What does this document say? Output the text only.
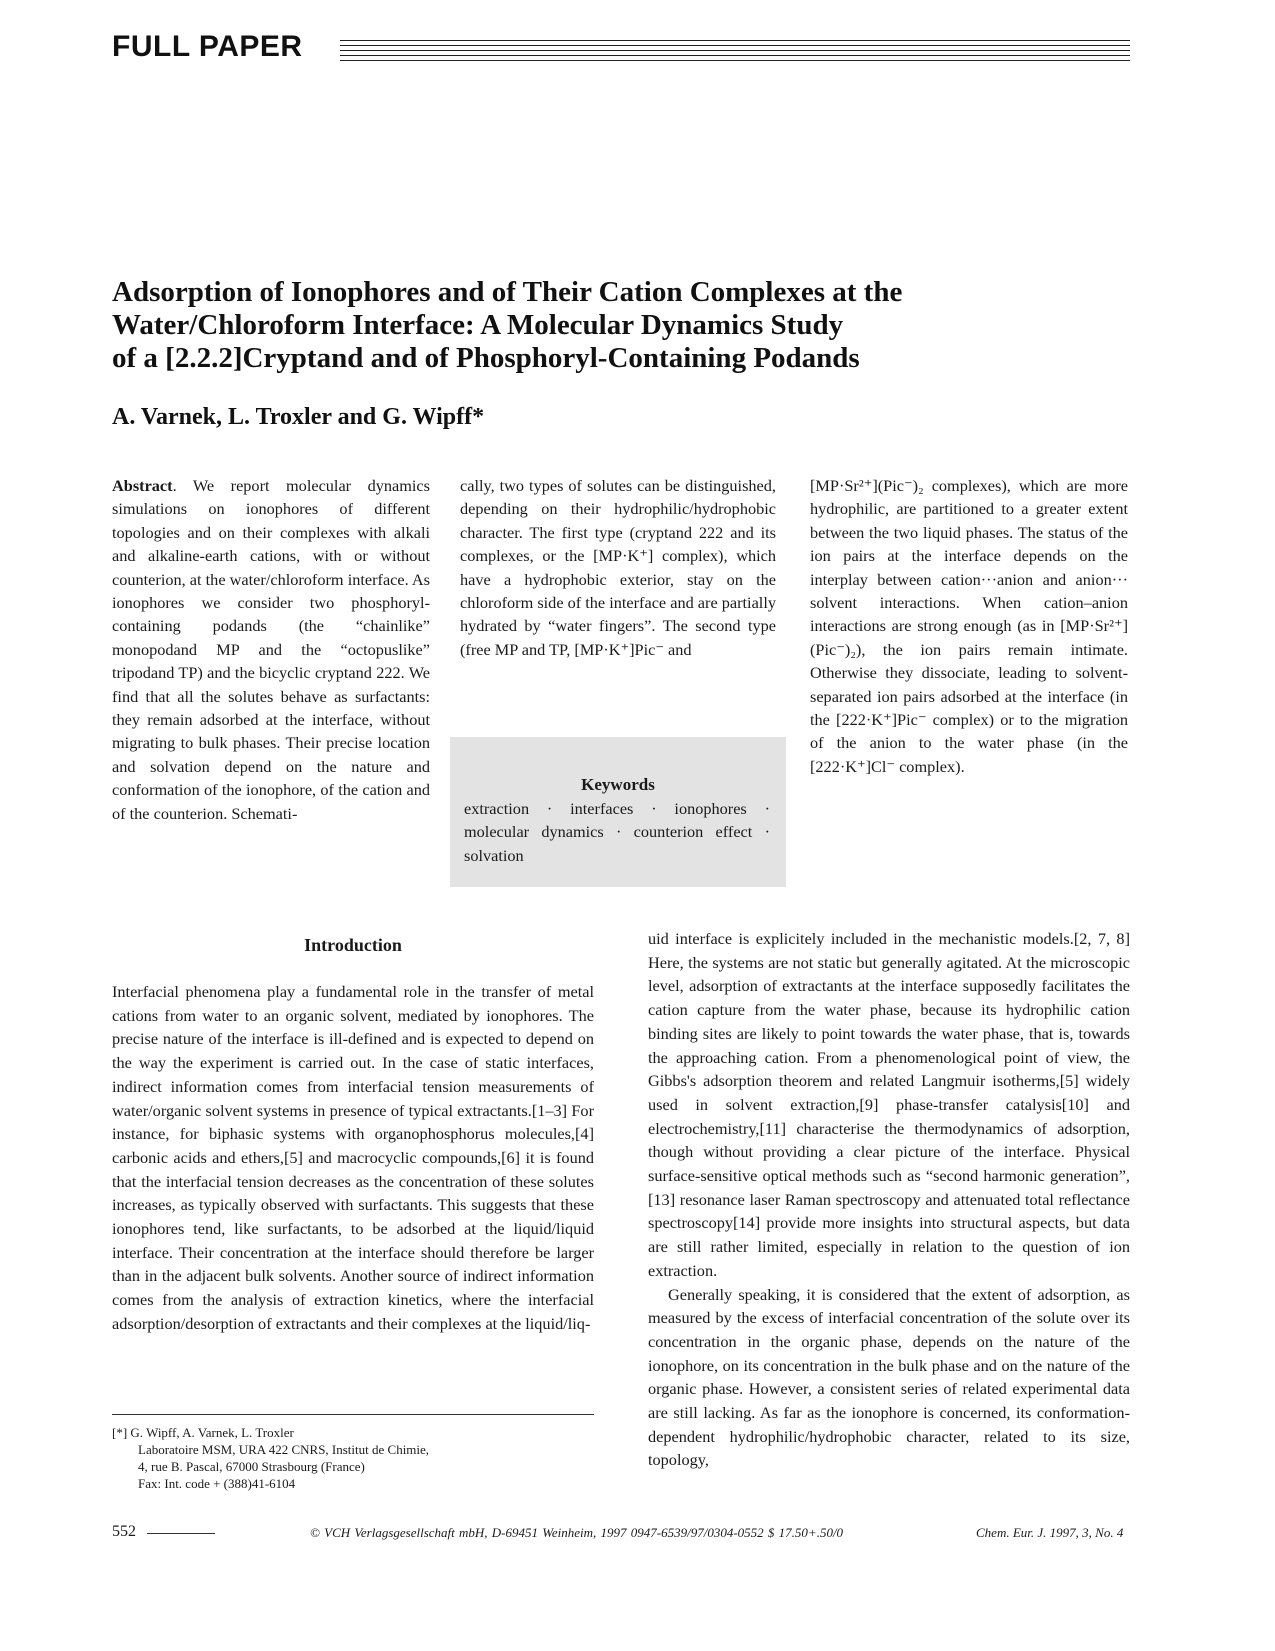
FULL PAPER
Adsorption of Ionophores and of Their Cation Complexes at the
Water/Chloroform Interface: A Molecular Dynamics Study
of a [2.2.2]Cryptand and of Phosphoryl-Containing Podands
A. Varnek, L. Troxler and G. Wipff*

Abstract. We report molecular dynamics simulations on ionophores of different topologies and on their complexes with alkali and alkaline-earth cations, with or without counterion, at the water/chloroform interface. As ionophores we consider two phosphoryl-containing podands (the “chainlike” monopodand MP and the “octopuslike” tripodand TP) and the bicyclic cryptand 222. We find that all the solutes behave as surfactants: they remain adsorbed at the interface, without migrating to bulk phases. Their precise location and solvation depend on the nature and conformation of the ionophore, of the cation and of the counterion. Schemati-

cally, two types of solutes can be distinguished, depending on their hydrophilic/hydrophobic character. The first type (cryptand 222 and its complexes, or the [MP·K⁺] complex), which have a hydrophobic exterior, stay on the chloroform side of the interface and are partially hydrated by “water fingers”. The second type (free MP and TP, [MP·K⁺]Pic⁻ and

[MP·Sr²⁺](Pic⁻)₂ complexes), which are more hydrophilic, are partitioned to a greater extent between the two liquid phases. The status of the ion pairs at the interface depends on the interplay between cation···anion and anion··· solvent interactions. When cation–anion interactions are strong enough (as in [MP·Sr²⁺](Pic⁻)₂), the ion pairs remain intimate. Otherwise they dissociate, leading to solvent-separated ion pairs adsorbed at the interface (in the [222·K⁺]Pic⁻ complex) or to the migration of the anion to the water phase (in the [222·K⁺]Cl⁻ complex).

Keywords
extraction · interfaces · ionophores · molecular dynamics · counterion effect · solvation
Introduction

Interfacial phenomena play a fundamental role in the transfer of metal cations from water to an organic solvent, mediated by ionophores. The precise nature of the interface is ill-defined and is expected to depend on the way the experiment is carried out. In the case of static interfaces, indirect information comes from interfacial tension measurements of water/organic solvent systems in presence of typical extractants.[1–3] For instance, for biphasic systems with organophosphorus molecules,[4] carbonic acids and ethers,[5] and macrocyclic compounds,[6] it is found that the interfacial tension decreases as the concentration of these solutes increases, as typically observed with surfactants. This suggests that these ionophores tend, like surfactants, to be adsorbed at the liquid/liquid interface. Their concentration at the interface should therefore be larger than in the adjacent bulk solvents. Another source of indirect information comes from the analysis of extraction kinetics, where the interfacial adsorption/desorption of extractants and their complexes at the liquid/liq-

uid interface is explicitely included in the mechanistic models.[2, 7, 8] Here, the systems are not static but generally agitated. At the microscopic level, adsorption of extractants at the interface supposedly facilitates the cation capture from the water phase, because its hydrophilic cation binding sites are likely to point towards the water phase, that is, towards the approaching cation. From a phenomenological point of view, the Gibbs's adsorption theorem and related Langmuir isotherms,[5] widely used in solvent extraction,[9] phase-transfer catalysis[10] and electrochemistry,[11] characterise the thermodynamics of adsorption, though without providing a clear picture of the interface. Physical surface-sensitive optical methods such as “second harmonic generation”,[13] resonance laser Raman spectroscopy and attenuated total reflectance spectroscopy[14] provide more insights into structural aspects, but data are still rather limited, especially in relation to the question of ion extraction.

Generally speaking, it is considered that the extent of adsorption, as measured by the excess of interfacial concentration of the solute over its concentration in the organic phase, depends on the nature of the ionophore, on its concentration in the bulk phase and on the nature of the organic phase. However, a consistent series of related experimental data are still lacking. As far as the ionophore is concerned, its conformation-dependent hydrophilic/hydrophobic character, related to its size, topology,

[*] G. Wipff, A. Varnek, L. Troxler
Laboratoire MSM, URA 422 CNRS, Institut de Chimie,
4, rue B. Pascal, 67000 Strasbourg (France)
Fax: Int. code + (388)41-6104
552	© VCH Verlagsgesellschaft mbH, D-69451 Weinheim, 1997 0947-6539/97/0304-0552 $ 17.50+.50/0	Chem. Eur. J. 1997, 3, No. 4
